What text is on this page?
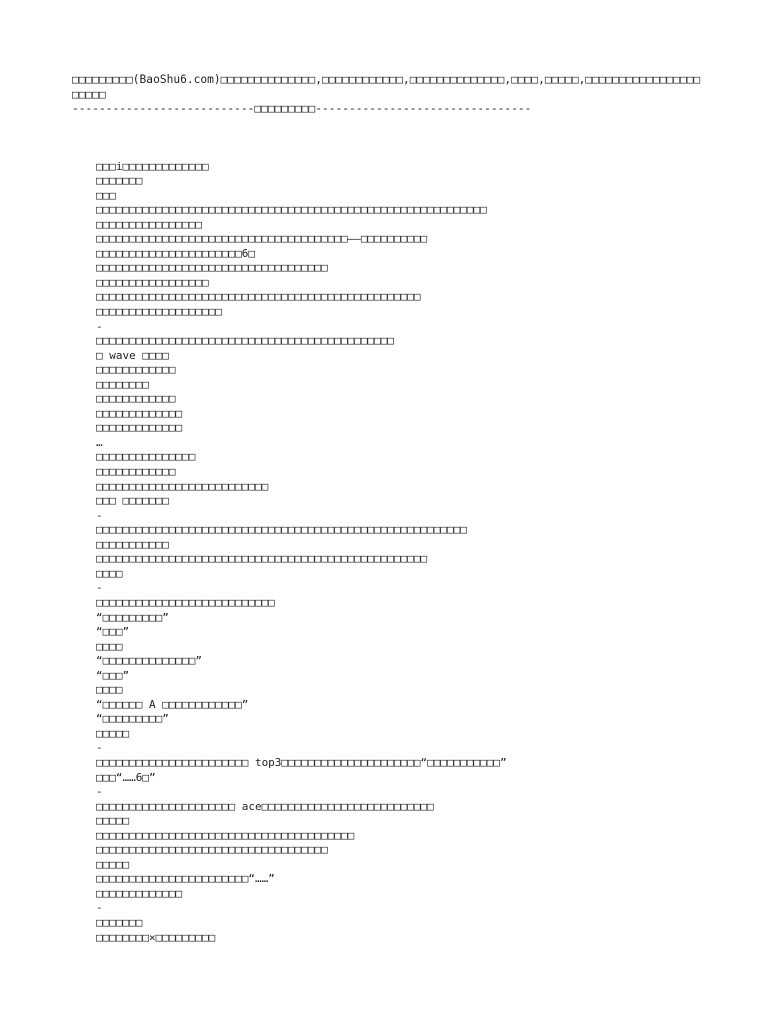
□□□□□□□□□(BaoShu6.com)□□□□□□□□□□□□□□,□□□□□□□□□□□□,□□□□□□□□□□□□□□,□□□□,□□□□□,□□□□□□□□□□□□□□□□□
□□□□□
---------------------------□□□□□□□□□--------------------------------
□□□i□□□□□□□□□□□□□
□□□□□□□
□□□
□□□□□□□□□□□□□□□□□□□□□□□□□□□□□□□□□□□□□□□□□□□□□□□□□□□□□□□□□□□
□□□□□□□□□□□□□□□□
□□□□□□□□□□□□□□□□□□□□□□□□□□□□□□□□□□□□□□——□□□□□□□□□□
□□□□□□□□□□□□□□□□□□□□□□6□
□□□□□□□□□□□□□□□□□□□□□□□□□□□□□□□□□□□
□□□□□□□□□□□□□□□□□
□□□□□□□□□□□□□□□□□□□□□□□□□□□□□□□□□□□□□□□□□□□□□□□□□
□□□□□□□□□□□□□□□□□□□
-
□□□□□□□□□□□□□□□□□□□□□□□□□□□□□□□□□□□□□□□□□□□□□
□ wave □□□□
□□□□□□□□□□□□
□□□□□□□□
□□□□□□□□□□□□
□□□□□□□□□□□□□
□□□□□□□□□□□□□
…
□□□□□□□□□□□□□□□
□□□□□□□□□□□□
□□□□□□□□□□□□□□□□□□□□□□□□□□
□□□ □□□□□□□
-
□□□□□□□□□□□□□□□□□□□□□□□□□□□□□□□□□□□□□□□□□□□□□□□□□□□□□□□□
□□□□□□□□□□□
□□□□□□□□□□□□□□□□□□□□□□□□□□□□□□□□□□□□□□□□□□□□□□□□□□
□□□□
-
□□□□□□□□□□□□□□□□□□□□□□□□□□□
“□□□□□□□□□”
“□□□”
□□□□
“□□□□□□□□□□□□□□”
“□□□”
□□□□
“□□□□□□ A □□□□□□□□□□□□”
“□□□□□□□□□”
□□□□□
-
□□□□□□□□□□□□□□□□□□□□□□□ top3□□□□□□□□□□□□□□□□□□□□□“□□□□□□□□□□□”
□□□“……6□”
-
□□□□□□□□□□□□□□□□□□□□□ ace□□□□□□□□□□□□□□□□□□□□□□□□□□
□□□□□
□□□□□□□□□□□□□□□□□□□□□□□□□□□□□□□□□□□□□□□
□□□□□□□□□□□□□□□□□□□□□□□□□□□□□□□□□□□
□□□□□
□□□□□□□□□□□□□□□□□□□□□□□“……”
□□□□□□□□□□□□□
-
□□□□□□□
□□□□□□□□×□□□□□□□□□
